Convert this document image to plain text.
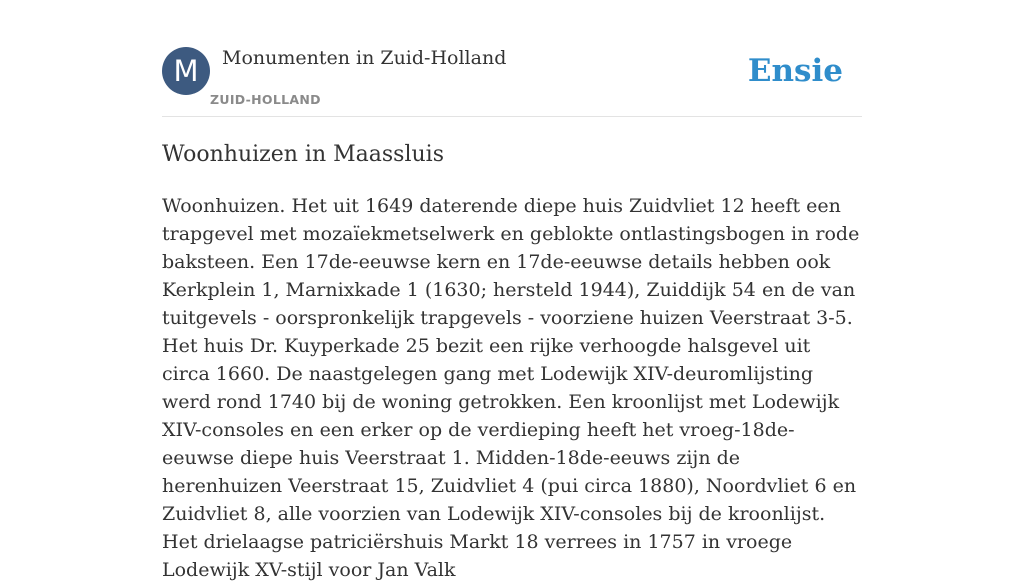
M	Monumenten in Zuid-Holland
ZUID-HOLLAND
Ensie
Woonhuizen in Maassluis

Woonhuizen. Het uit 1649 daterende diepe huis Zuidvliet 12 heeft een trapgevel met mozaïekmetselwerk en geblokte ontlastingsbogen in rode baksteen. Een 17de-eeuwse kern en 17de-eeuwse details hebben ook Kerkplein 1, Marnixkade 1 (1630; hersteld 1944), Zuiddijk 54 en de van tuitgevels - oorspronkelijk trapgevels - voorziene huizen Veerstraat 3-5. Het huis Dr. Kuyperkade 25 bezit een rijke verhoogde halsgevel uit circa 1660. De naastgelegen gang met Lodewijk XIV-deuromlijsting werd rond 1740 bij de woning getrokken. Een kroonlijst met Lodewijk XIV-consoles en een erker op de verdieping heeft het vroeg-18de-eeuwse diepe huis Veerstraat 1. Midden-18de-eeuws zijn de herenhuizen Veerstraat 15, Zuidvliet 4 (pui circa 1880), Noordvliet 6 en Zuidvliet 8, alle voorzien van Lodewijk XIV-consoles bij de kroonlijst. Het drielaagse patriciërshuis Markt 18 verrees in 1757 in vroege Lodewijk XV-stijl voor Jan Valk
